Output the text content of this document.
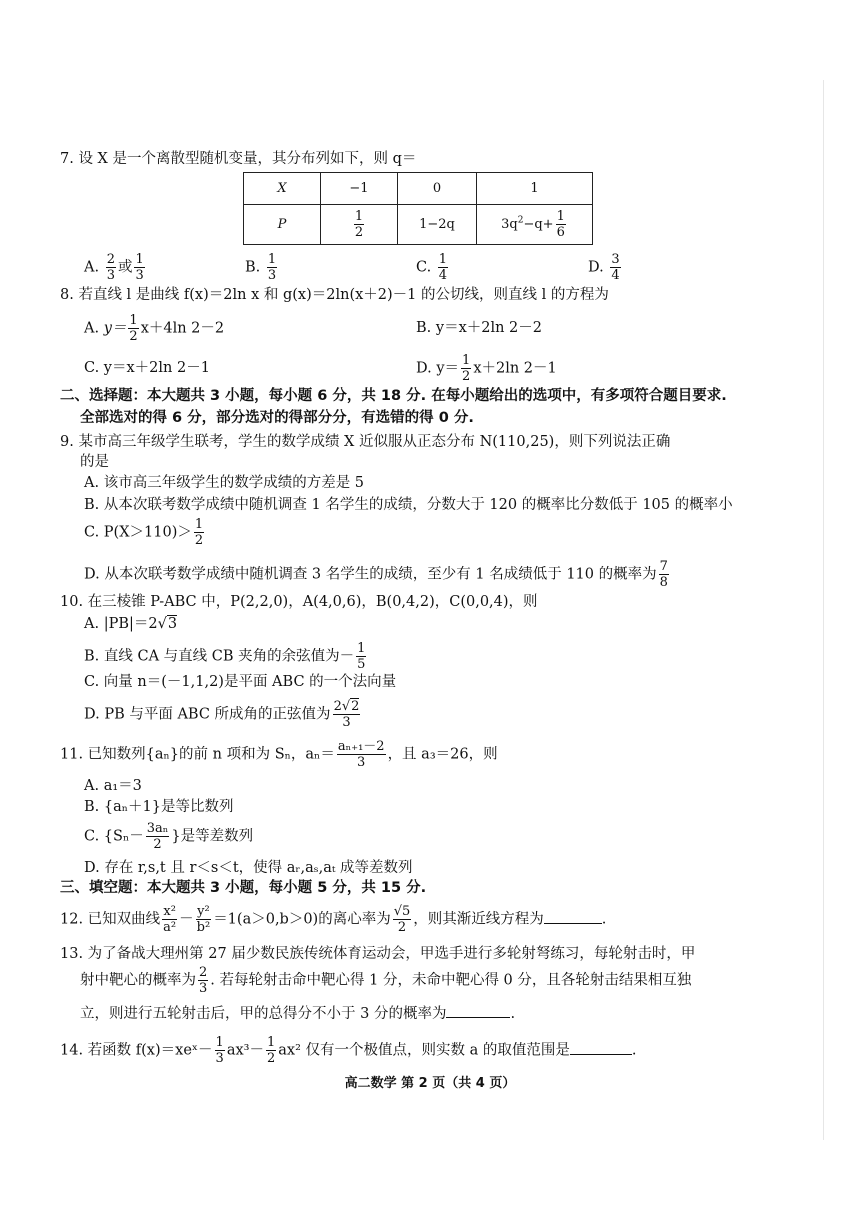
7. 设 X 是一个离散型随机变量，其分布列如下，则 q＝
X	−1	0	1
P	$\frac{1}{2}$	1−2q	$3q^2-q+ \frac{1}{6}$
A. $\frac{2}{3}$ 或 $\frac{1}{3}$	B. $\frac{1}{3}$	C. $\frac{1}{4}$	D. $\frac{3}{4}$
8. 若直线 l 是曲线 f(x)＝2ln x 和 g(x)＝2ln(x＋2)－1 的公切线，则直线 l 的方程为
A. $y= \frac{1}{2} x+4\ln$ 2－2	B. y＝x＋2ln 2－2
C. y＝x＋2ln 2－1	D. $y= \frac{1}{2} x+2\ln$ 2－1
二、选择题：本大题共 3 小题，每小题 6 分，共 18 分. 在每小题给出的选项中，有多项符合题目要求.
全部选对的得 6 分，部分选对的得部分分，有选错的得 0 分.
9. 某市高三年级学生联考，学生的数学成绩 X 近似服从正态分布 N(110,25)，则下列说法正确
的是
A. 该市高三年级学生的数学成绩的方差是 5
B. 从本次联考数学成绩中随机调查 1 名学生的成绩，分数大于 120 的概率比分数低于 105 的概率小
C. $P(X>110)> \frac{1}{2}$
D. 从本次联考数学成绩中随机调查 3 名学生的成绩，至少有 1 名成绩低于 110 的概率为 $\frac{7}{8}$
10. 在三棱锥 P-ABC 中，P(2,2,0)，A(4,0,6)，B(0,4,2)，C(0,0,4)，则
A. |PB|＝2√3
B. 直线 CA 与直线 CB 夹角的余弦值为－ $\frac{1}{5}$
C. 向量 n＝(－1,1,2)是平面 ABC 的一个法向量
D. PB 与平面 ABC 所成角的正弦值为 $\frac{2√2}{3}$
11. 已知数列{aₙ}的前 n 项和为 Sₙ，$a_n= \frac{\text{aₙ₊₁－2}}{3}$ ，且 a₃＝26，则
A. a₁＝3
B. {aₙ＋1}是等比数列
C. {$S_n- \frac{\text{3aₙ}}{2}$ }是等差数列
D. 存在 r,s,t 且 r＜s＜t，使得 aᵣ,aₛ,aₜ 成等差数列
三、填空题：本大题共 3 小题，每小题 5 分，共 15 分.
12. 已知双曲线 $\frac{\text{x²}}{\text{a²}} - \frac{\text{y²}}{\text{b²}} =1(a>0,b>0)$的离心率为 $\frac{√5}{2}$ ，则其渐近线方程为	.
13. 为了备战大理州第 27 届少数民族传统体育运动会，甲选手进行多轮射弩练习，每轮射击时，甲
射中靶心的概率为 $\frac{2}{3}$ . 若每轮射击命中靶心得 1 分，未命中靶心得 0 分，且各轮射击结果相互独
立，则进行五轮射击后，甲的总得分不小于 3 分的概率为	.
14. 若函数 f(x)＝xeˣ－ $\frac{1}{3} ax^3- \frac{1}{2} ax^2$ 仅有一个极值点，则实数 a 的取值范围是	.
高二数学 第 2 页（共 4 页）
